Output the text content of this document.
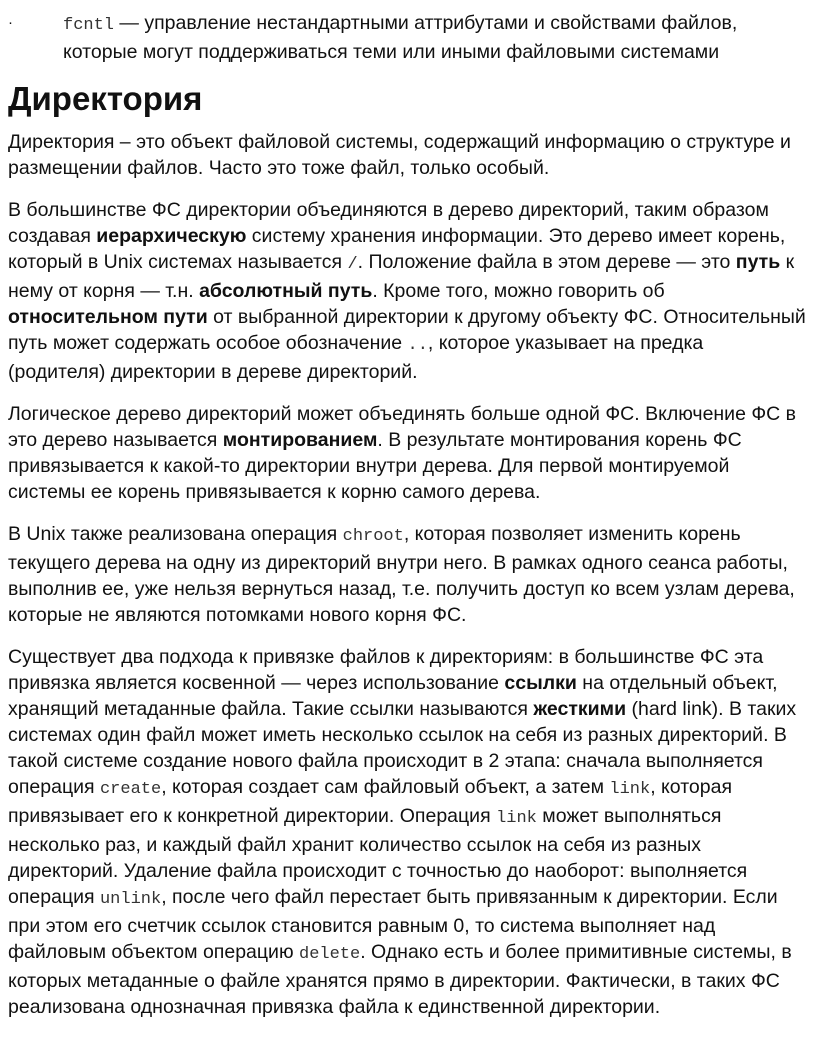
·	fcntl — управление нестандартными аттрибутами и свойствами файлов, которые могут поддерживаться теми или иными файловыми системами
Директория

Директория – это объект файловой системы, содержащий информацию о структуре и размещении файлов. Часто это тоже файл, только особый.

В большинстве ФС директории объединяются в дерево директорий, таким образом создавая иерархическую систему хранения информации. Это дерево имеет корень, который в Unix системах называется /. Положение файла в этом дереве — это путь к нему от корня — т.н. абсолютный путь. Кроме того, можно говорить об относительном пути от выбранной директории к другому объекту ФС. Относительный путь может содержать особое обозначение .., которое указывает на предка (родителя) директории в дереве директорий.

Логическое дерево директорий может объединять больше одной ФС. Включение ФС в это дерево называется монтированием. В результате монтирования корень ФС привязывается к какой-то директории внутри дерева. Для первой монтируемой системы ее корень привязывается к корню самого дерева.

В Unix также реализована операция chroot, которая позволяет изменить корень текущего дерева на одну из директорий внутри него. В рамках одного сеанса работы, выполнив ее, уже нельзя вернуться назад, т.е. получить доступ ко всем узлам дерева, которые не являются потомками нового корня ФС.

Существует два подхода к привязке файлов к директориям: в большинстве ФС эта привязка является косвенной — через использование ссылки на отдельный объект, хранящий метаданные файла. Такие ссылки называются жесткими (hard link). В таких системах один файл может иметь несколько ссылок на себя из разных директорий. В такой системе создание нового файла происходит в 2 этапа: сначала выполняется операция create, которая создает сам файловый объект, а затем link, которая привязывает его к конкретной директории. Операция link может выполняться несколько раз, и каждый файл хранит количество ссылок на себя из разных директорий. Удаление файла происходит с точностью до наоборот: выполняется операция unlink, после чего файл перестает быть привязанным к директории. Если при этом его счетчик ссылок становится равным 0, то система выполняет над файловым объектом операцию delete. Однако есть и более примитивные системы, в которых метаданные о файле хранятся прямо в директории. Фактически, в таких ФС реализована однозначная привязка файла к единственной директории.
